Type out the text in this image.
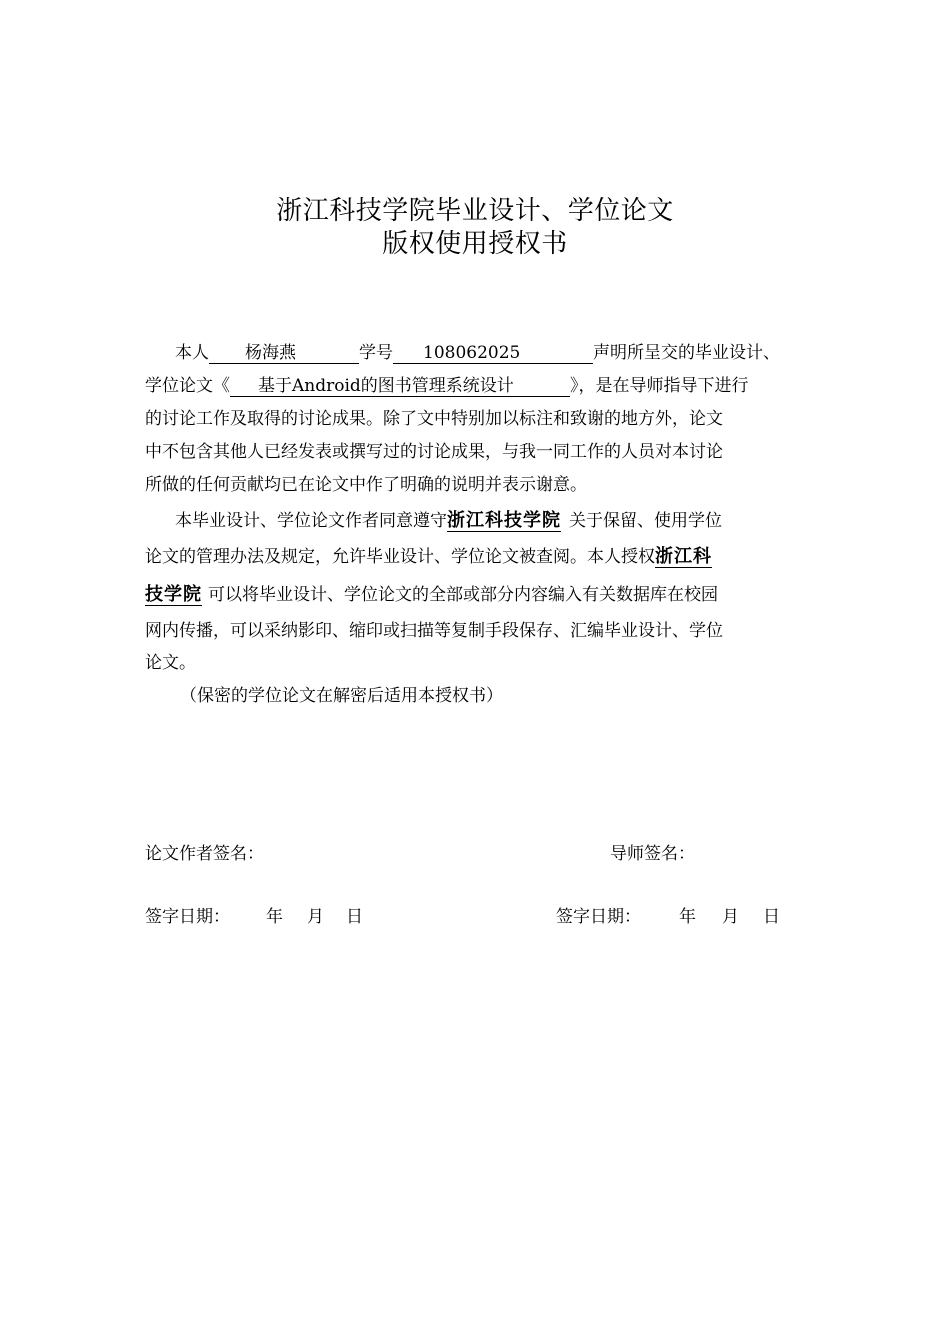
浙江科技学院毕业设计、学位论文
版权使用授权书
本人 杨海燕	学号 108062025	声明所呈交的毕业设计、
学位论文《 基于Android的图书管理系统设计	》，是在导师指导下进行
的讨论工作及取得的讨论成果。除了文中特别加以标注和致谢的地方外，论文
中不包含其他人已经发表或撰写过的讨论成果，与我一同工作的人员对本讨论
所做的任何贡献均已在论文中作了明确的说明并表示谢意。
本毕业设计、学位论文作者同意遵守浙江科技学院 关于保留、使用学位
论文的管理办法及规定，允许毕业设计、学位论文被查阅。本人授权浙江科
技学院 可以将毕业设计、学位论文的全部或部分内容编入有关数据库在校园
网内传播，可以采纳影印、缩印或扫描等复制手段保存、汇编毕业设计、学位
论文。
（保密的学位论文在解密后适用本授权书）
论文作者签名：	导师签名：
签字日期： 年 月 日	签字日期： 年 月 日
